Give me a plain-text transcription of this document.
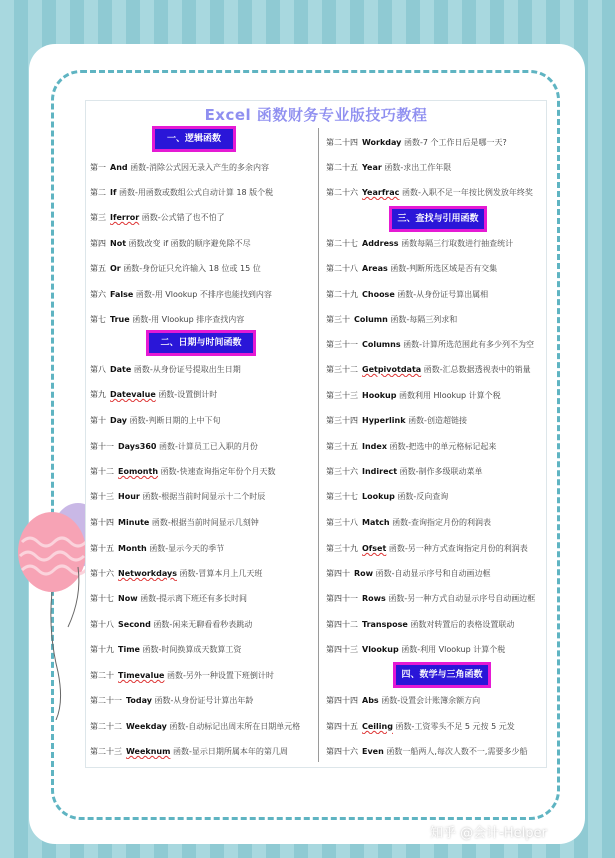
Excel 函数财务专业版技巧教程
一、逻辑函数
二、日期与时间函数
三、查找与引用函数
四、数学与三角函数
第一 And 函数-消除公式因无录入产生的多余内容
第二 If 函数-用函数或数组公式自动计算 18 版个税
第三 Iferror 函数-公式错了也不怕了
第四 Not 函数改变 if 函数的顺序避免除不尽
第五 Or 函数-身份证只允许输入 18 位或 15 位
第六 False 函数-用 Vlookup 不排序也能找到内容
第七 True 函数-用 Vlookup 排序查找内容
第八 Date 函数-从身份证号提取出生日期
第九 Datevalue 函数-设置倒计时
第十 Day 函数-判断日期的上中下旬
第十一 Days360 函数-计算员工已入职的月份
第十二 Eomonth 函数-快速查询指定年份个月天数
第十三 Hour 函数-根据当前时间显示十二个时辰
第十四 Minute 函数-根据当前时间显示几刻钟
第十五 Month 函数-显示今天的季节
第十六 Networkdays 函数-冒算本月上几天班
第十七 Now 函数-提示离下班还有多长时间
第十八 Second 函数-闲来无聊看看秒表跳动
第十九 Time 函数-时间换算成天数算工资
第二十 Timevalue 函数-另外一种设置下班倒计时
第二十一 Today 函数-从身份证号计算出年龄
第二十二 Weekday 函数-自动标记出周末所在日期单元格
第二十三 Weeknum 函数-显示日期所属本年的第几周
第二十四 Workday 函数-7 个工作日后是哪一天?
第二十五 Year 函数-求出工作年限
第二十六 Yearfrac 函数-入职不足一年按比例发放年终奖
第二十七 Address 函数每隔三行取数进行抽查统计
第二十八 Areas 函数-判断所选区域是否有交集
第二十九 Choose 函数-从身份证号算出属相
第三十 Column 函数-每隔三列求和
第三十一 Columns 函数-计算所选范围此有多少列不为空
第三十二 Getpivotdata 函数-汇总数据透视表中的销量
第三十三 Hookup 函数利用 Hlookup 计算个税
第三十四 Hyperlink 函数-创造超链接
第三十五 Index 函数-把选中的单元格标记起来
第三十六 Indirect 函数-制作多级联动菜单
第三十七 Lookup 函数-反向查询
第三十八 Match 函数-查询指定月份的利润表
第三十九 Ofset 函数-另一种方式查询指定月份的利润表
第四十 Row 函数-自动显示序号和自动画边框
第四十一 Rows 函数-另一种方式自动显示序号自动画边框
第四十二 Transpose 函数对转置后的表格设置联动
第四十三 Vlookup 函数-利用 Vlookup 计算个税
第四十四 Abs 函数-设置会计账簿余额方向
第四十五 Ceiling 函数-工资零头不足 5 元按 5 元发
第四十六 Even 函数一船两人,每次人数不一,需要多少船
知乎 @会计-Helper
